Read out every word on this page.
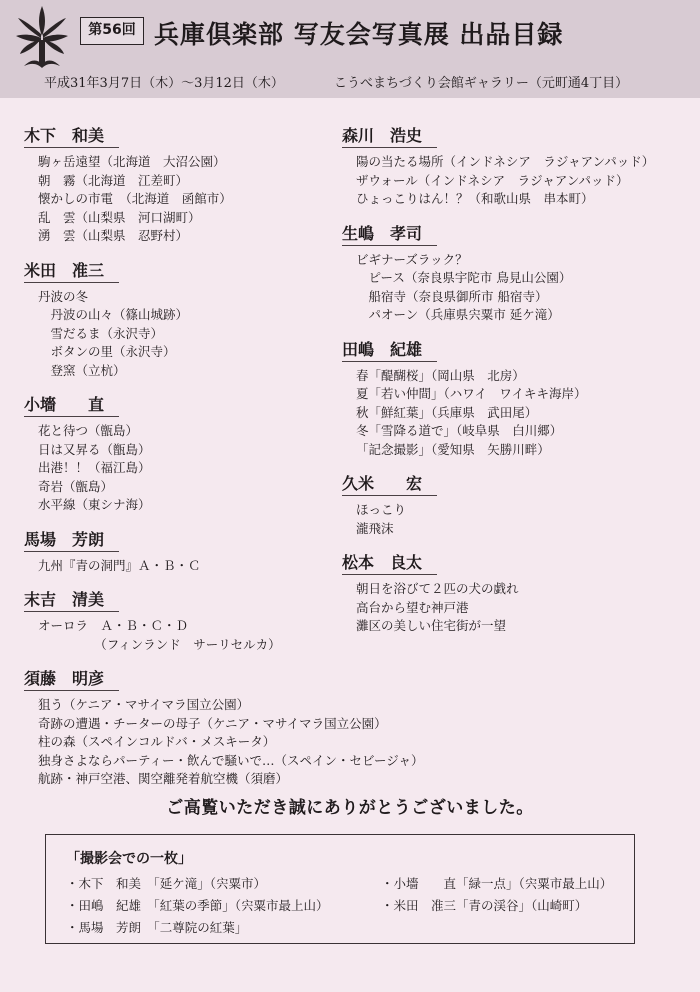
第56回 兵庫倶楽部 写友会写真展 出品目録
平成31年3月7日（木）～3月12日（木）	こうべまちづくり会館ギャラリー（元町通4丁目）
木下　和美
駒ヶ岳遠望（北海道　大沼公園）
朝　霧（北海道　江差町）
懐かしの市電　（北海道　函館市）
乱　雲（山梨県　河口湖町）
湧　雲（山梨県　忍野村）
米田　准三
丹波の冬
　丹波の山々（篠山城跡）
　雪だるま（永沢寺）
　ボタンの里（永沢寺）
　登窯（立杭）
小墻　　直
花と待つ（甑島）
日は又昇る（甑島）
出港！！（福江島）
奇岩（甑島）
水平線（東シナ海）
馬場　芳朗
九州『青の洞門』Ａ・Ｂ・Ｃ
末吉　清美
オーロラ　Ａ・Ｂ・Ｃ・Ｄ
　　　　　（フィンランド　サーリセルカ）
須藤　明彦
狙う（ケニア・マサイマラ国立公園）
奇跡の遭遇・チーターの母子（ケニア・マサイマラ国立公園）
柱の森（スペインコルドバ・メスキータ）
独身さよならパーティー・飲んで騒いで…（スペイン・セビージャ）
航跡・神戸空港、関空離発着航空機（須磨）
森川　浩史
陽の当たる場所（インドネシア　ラジャアンパッド）
ザウォール（インドネシア　ラジャアンパッド）
ひょっこりはん！？（和歌山県　串本町）
生嶋　孝司
ビギナーズラック？
　ピース（奈良県宇陀市 鳥見山公園）
　船宿寺（奈良県御所市 船宿寺）
　パオーン（兵庫県宍粟市 延ケ滝）
田嶋　紀雄
春「醍醐桜」（岡山県　北房）
夏「若い仲間」（ハワイ　ワイキキ海岸）
秋「鮮紅葉」（兵庫県　武田尾）
冬「雪降る道で」（岐阜県　白川郷）
「記念撮影」（愛知県　矢勝川畔）
久米　　宏
ほっこり
瀧飛沫
松本　良太
朝日を浴びて２匹の犬の戯れ
高台から望む神戸港
灘区の美しい住宅街が一望
ご高覧いただき誠にありがとうございました。
「撮影会での一枚」
・木下　和美　「延ケ滝」（宍粟市）
・田嶋　紀雄　「紅葉の季節」（宍粟市最上山）
・馬場　芳朗　「二尊院の紅葉」
・小墻　　直「緑一点」（宍粟市最上山）
・米田　准三「青の渓谷」（山崎町）
